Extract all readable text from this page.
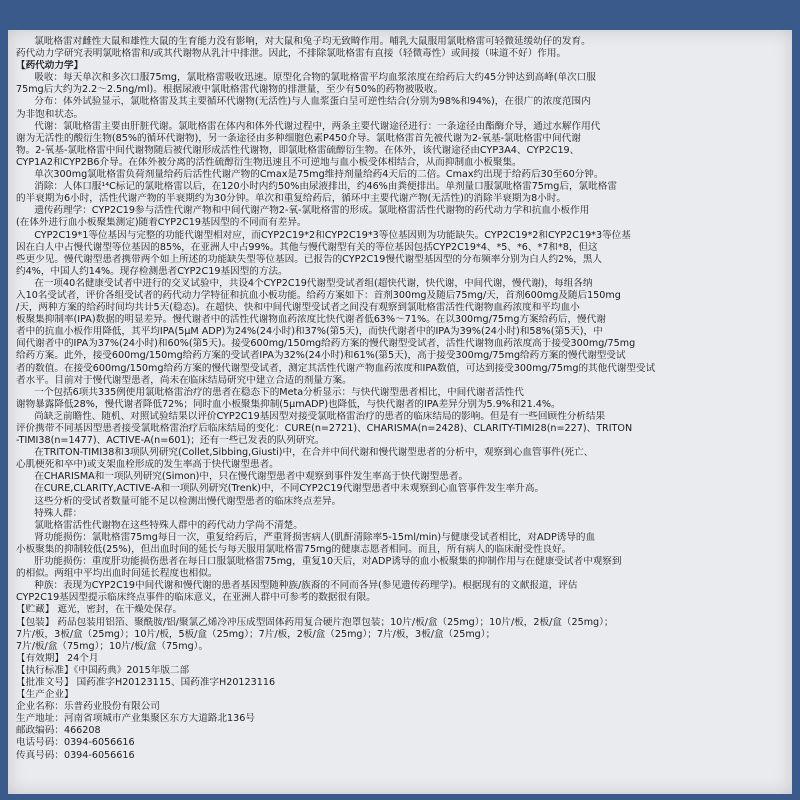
氯吡格雷对雌性大鼠和雄性大鼠的生育能力没有影响，对大鼠和兔子均无致畸作用。哺乳大鼠服用氯吡格雷可轻微延缓幼仔的发育。
药代动力学研究表明氯吡格雷和/或其代谢物从乳汁中排泄。因此，不排除氯吡格雷有直接（轻微毒性）或间接（味道不好）作用。
【药代动力学】
吸收：每天单次和多次口服75mg，氯吡格雷吸收迅速。原型化合物的氯吡格雷平均血浆浓度在给药后大约45分钟达到高峰(单次口服
75mg后大约为2.2～2.5ng/ml)。根据尿液中氯吡格雷代谢物的排泄量，至少有50%的药物被吸收。
分布：体外试验显示，氯吡格雷及其主要循环代谢物(无活性)与人血浆蛋白呈可逆性结合(分别为98%和94%)，在很广的浓度范围内
为非饱和状态。
代谢：氯吡格雷主要由肝脏代谢。氯吡格雷在体内和体外代谢过程中，两条主要代谢途径进行：一条途径由酯酶介导，通过水解作用代
谢为无活性的酸衍生物(85%的循环代谢物)，另一条途径由多种细胞色素P450介导。氯吡格雷首先被代谢为2-氧基-氯吡格雷中间代谢
物。2-氧基-氯吡格雷中间代谢物随后被代谢形成活性代谢物，即氯吡格雷硫醇衍生物。在体外，该代谢途径由CYP3A4、CYP2C19、
CYP1A2和CYP2B6介导。在体外被分离的活性硫醇衍生物迅速且不可逆地与血小板受体相结合，从而抑制血小板聚集。
单次300mg氯吡格雷负荷剂量给药后活性代谢产物的Cmax是75mg维持剂量给药4天后的二倍。Cmax约出现于给药后30至60分钟。
消除：人体口服¹⁴C标记的氯吡格雷以后，在120小时内约50%由尿液排出，约46%由粪便排出。单剂量口服氯吡格雷75mg后，氯吡格雷
的半衰期为6小时，活性代谢产物的半衰期约为30分钟。单次和重复给药后，循环中主要代谢产物(无活性)的消除半衰期为8小时。
遗传药理学：CYP2C19参与活性代谢产物和中间代谢产物2-氧-氯吡格雷的形成。氯吡格雷活性代谢物的药代动力学和抗血小板作用
(在体外进行血小板聚集测定)随着CYP2C19基因型的不同而有差异。
CYP2C19*1等位基因与完整的功能代谢型相对应，而CYP2C19*2和CYP2C19*3等位基因则为功能缺失。CYP2C19*2和CYP2C19*3等位基
因在白人中占慢代谢型等位基因的85%，在亚洲人中占99%。其他与慢代谢型有关的等位基因包括CYP2C19*4、*5、*6、*7和*8，但这
些更少见。慢代谢型患者携带两个如上所述的功能缺失型等位基因。已报告的CYP2C19慢代谢型基因型的分布频率分别为白人约2%，黑人
约4%，中国人约14%。现存检测患者CYP2C19基因型的方法。
在一项40名健康受试者中进行的交叉试验中，共设4个CYP2C19代谢型受试者组(超快代谢，快代谢，中间代谢，慢代谢)，每组各纳
入10名受试者，评价各组受试者的药代动力学特征和抗血小板功能。给药方案如下：首剂300mg及随后75mg/天，首剂600mg及随后150mg
/天，两种方案的给药时间均共计5天(稳态)。在超快、快和中间代谢型受试者之间没有观察到氯吡格雷活性代谢物血药浓度和平均血小
板聚集抑制率(IPA)数据的明显差异。慢代谢者中的活性代谢物血药浓度比快代谢者低63%～71%。在以300mg/75mg方案给药后，慢代谢
者中的抗血小板作用降低，其平均IPA(5μM ADP)为24%(24小时)和37%(第5天)，而快代谢者中的IPA为39%(24小时)和58%(第5天)，中
间代谢者中的IPA为37%(24小时)和60%(第5天)。接受600mg/150mg给药方案的慢代谢型受试者，活性代谢物血药浓度高于接受300mg/75mg
给药方案。此外，接受600mg/150mg给药方案的受试者IPA为32%(24小时)和61%(第5天)，高于接受300mg/75mg给药方案的慢代谢型受试
者的数值。在接受600mg/150mg给药方案的慢代谢型受试者，测定其活性代谢产物血药浓度和IPA数值，可达到接受300mg/75mg的其他代谢型受试
者水平。目前对于慢代谢型患者，尚未在临床结局研究中建立合适的剂量方案。
一个包括6项共335例使用氯吡格雷治疗的患者在稳态下的Meta分析显示：与快代谢型患者相比，中间代谢者活性代
谢物暴露降低28%，慢代谢者降低72%；同时血小板聚集抑制(5μmADP)也降低，与快代谢者的IPA差异分别为5.9%和21.4%。
尚缺乏前瞻性、随机、对照试验结果以评价CYP2C19基因型对接受氯吡格雷治疗的患者的临床结局的影响。但是有一些回顾性分析结果
评价携带不同基因型患者接受氯吡格雷治疗后临床结局的变化：CURE(n=2721)、CHARISMA(n=2428)、CLARITY-TIMI28(n=227)、TRITON
-TIMI38(n=1477)、ACTIVE-A(n=601)；还有一些已发表的队列研究。
在TRITON-TIMI38和3项队列研究(Collet,Sibbing,Giusti)中，在合并中间代谢和慢代谢型患者的分析中，观察到心血管事件(死亡、
心肌梗死和卒中)或支架血栓形成的发生率高于快代谢型患者。
在CHARISMA和一项队列研究(Simon)中，只在慢代谢型患者中观察到事件发生率高于快代谢型患者。
在CURE,CLARITY,ACTIVE-A和一项队列研究(Trenk)中，不同CYP2C19代谢型患者中未观察到心血管事件发生率升高。
这些分析的受试者数量可能不足以检测出慢代谢型患者的临床终点差异。
特殊人群：
氯吡格雷活性代谢物在这些特殊人群中的药代动力学尚不清楚。
肾功能损伤：氯吡格雷75mg每日一次，重复给药后，严重肾损害病人(肌酐清除率5-15ml/min)与健康受试者相比，对ADP诱导的血
小板聚集的抑制较低(25%)，但出血时间的延长与每天服用氯吡格雷75mg的健康志愿者相同。而且，所有病人的临床耐受性良好。
肝功能损伤：重度肝功能损伤患者在每日口服氯吡格雷75mg，重复10天后，对ADP诱导的血小板聚集的抑制作用与在健康受试者中观察到
的相似。两组中平均出血时间延长程度也相似。
种族：表现为CYP2C19中间代谢和慢代谢的患者基因型随种族/族裔的不同而各异(参见遗传药理学)。根据现有的文献报道，评估
CYP2C19基因型提示临床终点事件的临床意义，在亚洲人群中可参考的数据很有限。
【贮藏】 遮光，密封，在干燥处保存。
【包装】 药品包装用铝箔、聚酰胺/铝/聚氯乙烯冷冲压成型固体药用复合硬片泡罩包装；10片/板/盒（25mg）；10片/板，2板/盒（25mg）；
7片/板，3板/盒（25mg）；10片/板，5板/盒（25mg）；7片/板，2板/盒（25mg）；7片/板，3板/盒（25mg）；
7片/板/盒（75mg）；10片/板/盒（75mg）。
【有效期】 24个月
【执行标准】《中国药典》2015年版二部
【批准文号】 国药准字H20123115、国药准字H20123116
【生产企业】
企业名称：乐普药业股份有限公司
生产地址：河南省项城市产业集聚区东方大道路北136号
邮政编码：466208
电话号码：0394-6056616
传真号码：0394-6056616
